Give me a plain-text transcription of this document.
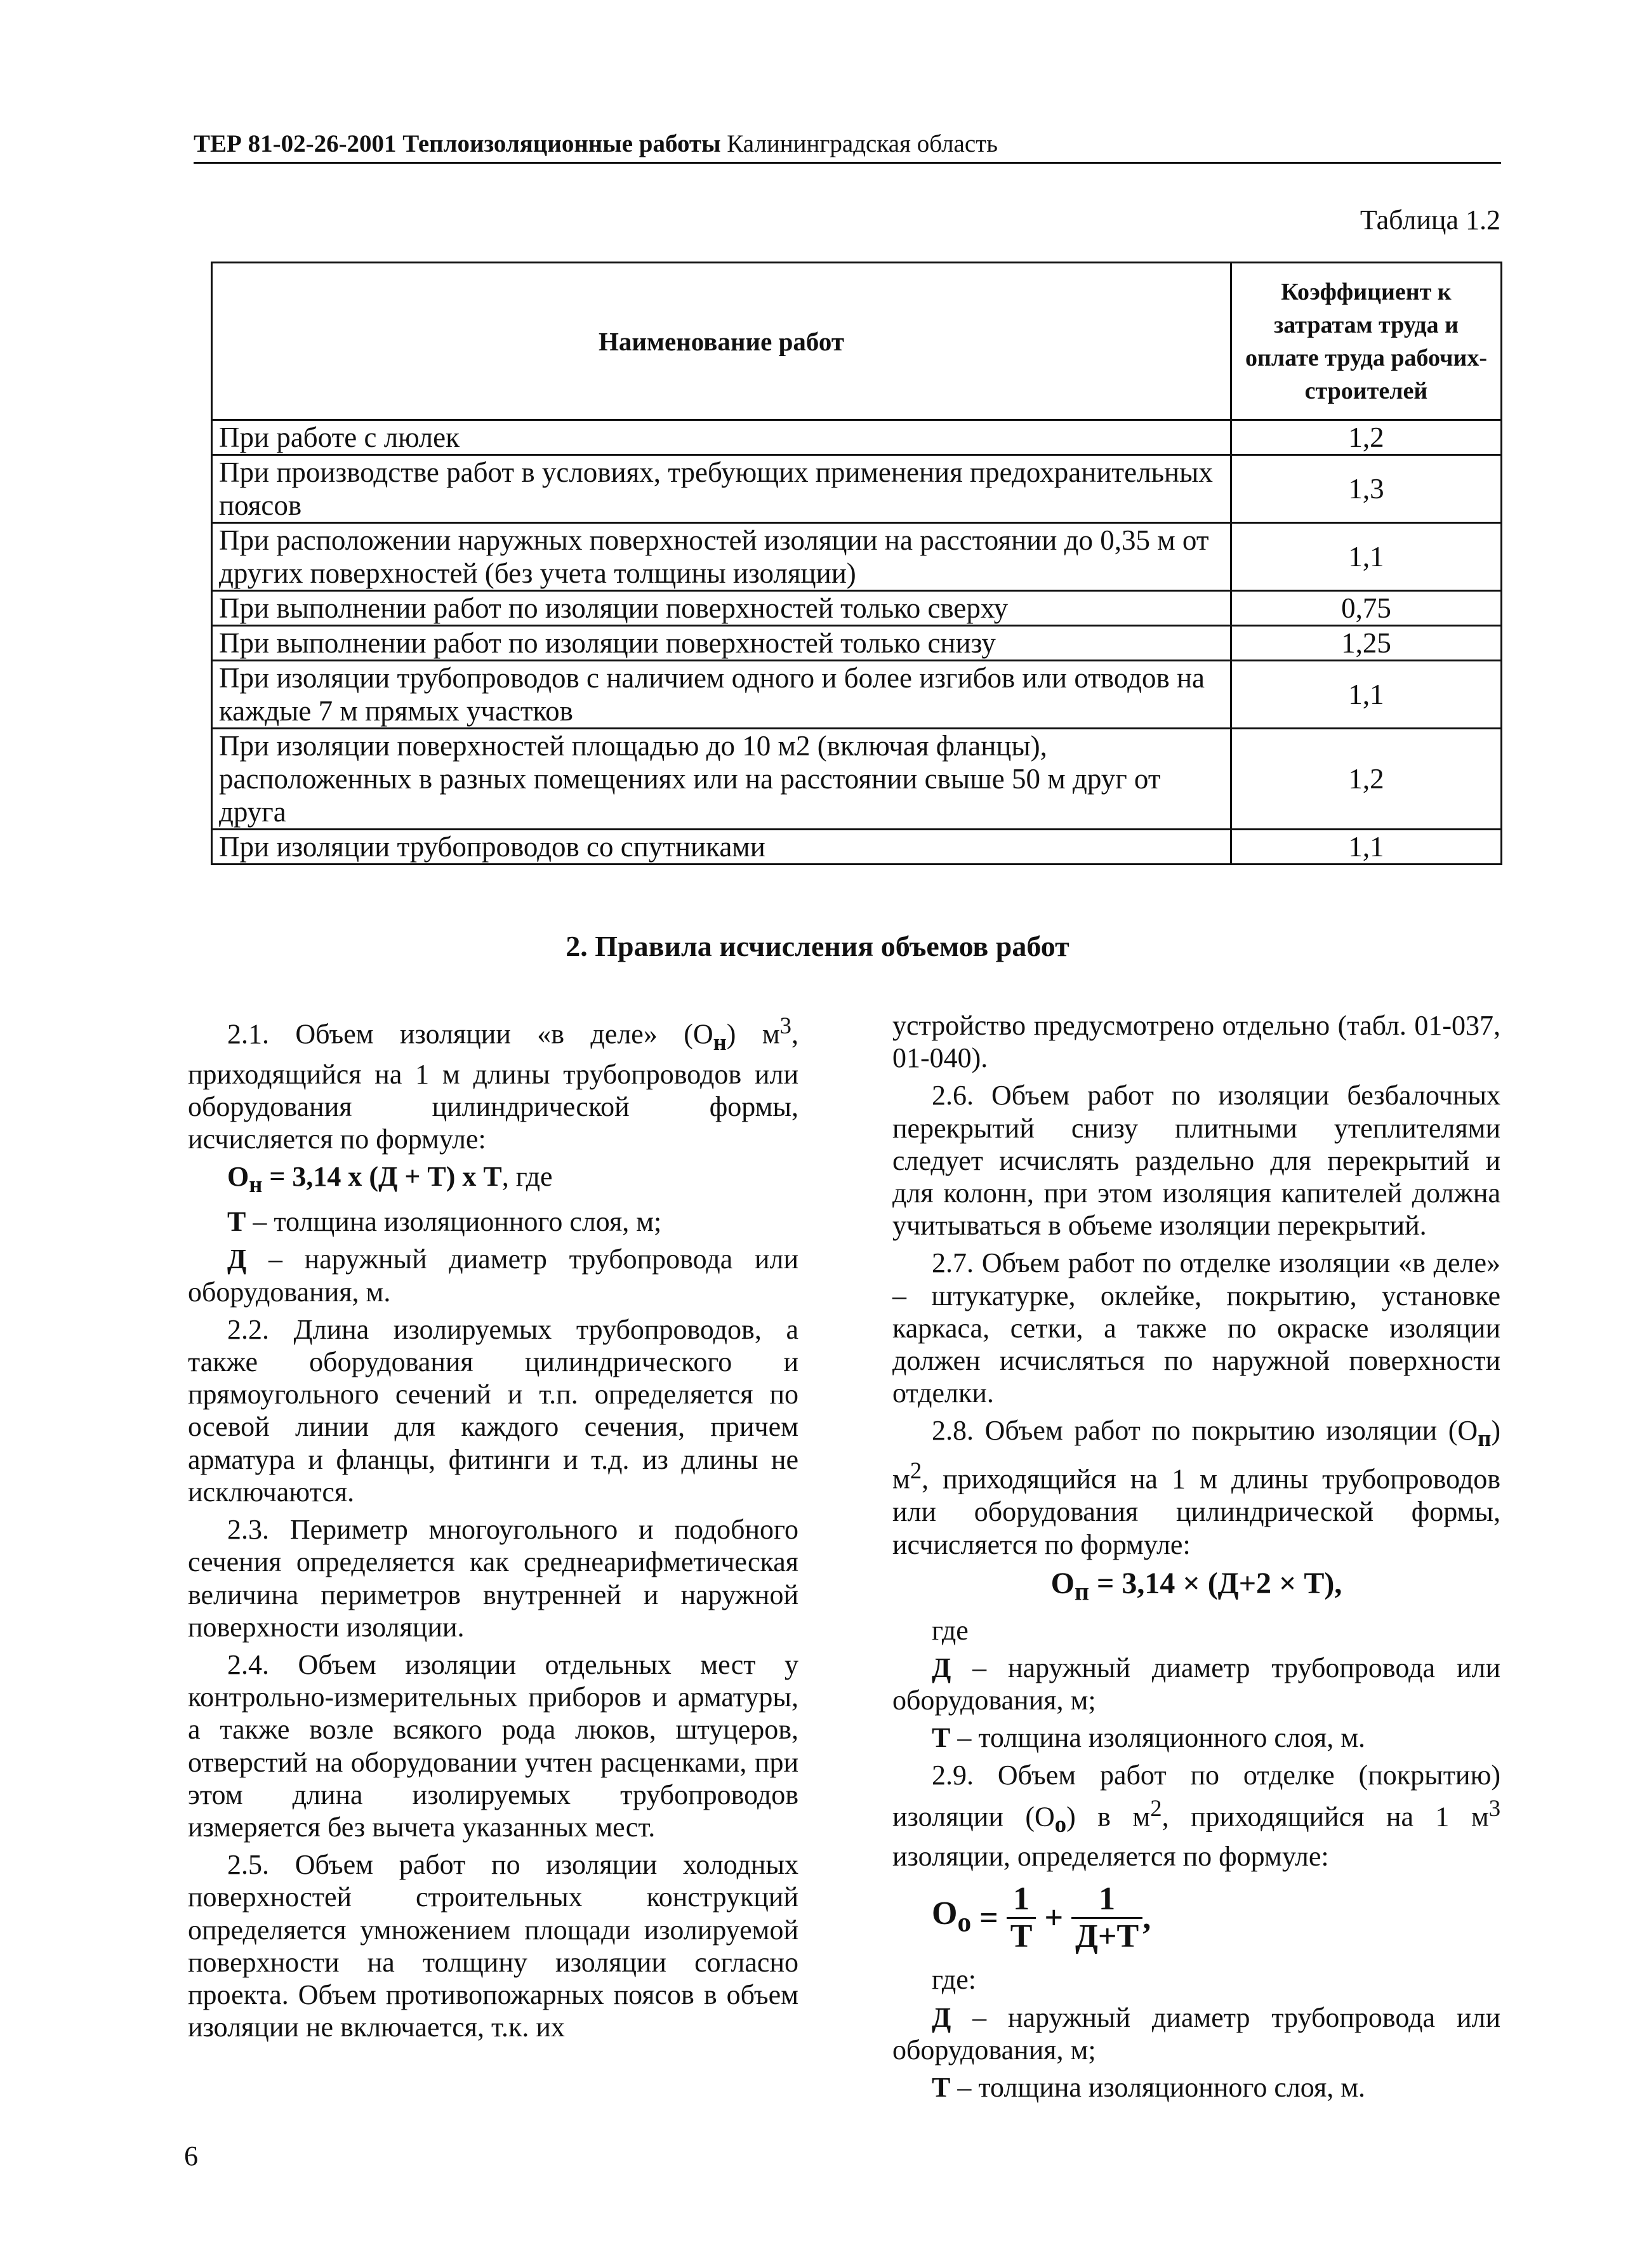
ТЕР 81-02-26-2001 Теплоизоляционные работы Калининградская область
Таблица 1.2
Наименование работ	Коэффициент к затратам труда и оплате труда рабочих-строителей
При работе с люлек	1,2
При производстве работ в условиях, требующих применения предохранительных поясов	1,3
При расположении наружных поверхностей изоляции на расстоянии до 0,35 м от других поверхностей (без учета толщины изоляции)	1,1
При выполнении работ по изоляции поверхностей только сверху	0,75
При выполнении работ по изоляции поверхностей только снизу	1,25
При изоляции трубопроводов с наличием одного и более изгибов или отводов на каждые 7 м прямых участков	1,1
При изоляции поверхностей площадью до 10 м2 (включая фланцы), расположенных в разных помещениях или на расстоянии свыше 50 м друг от друга	1,2
При изоляции трубопроводов со спутниками	1,1
2. Правила исчисления объемов работ

2.1. Объем изоляции «в деле» $(О_н)$ $м^3$, приходящийся на 1 м длины трубопроводов или оборудования цилиндрической формы, исчисляется по формуле:

$О_н = 3,14$ х (Д + Т) х Т, где

Т – толщина изоляционного слоя, м;

Д – наружный диаметр трубопровода или оборудования, м.

2.2. Длина изолируемых трубопроводов, а также оборудования цилиндрического и прямоугольного сечений и т.п. определяется по осевой линии для каждого сечения, причем арматура и фланцы, фитинги и т.д. из длины не исключаются.

2.3. Периметр многоугольного и подобного сечения определяется как среднеарифметическая величина периметров внутренней и наружной поверхности изоляции.

2.4. Объем изоляции отдельных мест у контрольно-измерительных приборов и арматуры, а также возле всякого рода люков, штуцеров, отверстий на оборудовании учтен расценками, при этом длина изолируемых трубопроводов измеряется без вычета указанных мест.

2.5. Объем работ по изоляции холодных поверхностей строительных конструкций определяется умножением площади изолируемой поверхности на толщину изоляции согласно проекта. Объем противопожарных поясов в объем изоляции не включается, т.к. их

устройство предусмотрено отдельно (табл. 01-037, 01-040).

2.6. Объем работ по изоляции безбалочных перекрытий снизу плитными утеплителями следует исчислять раздельно для перекрытий и для колонн, при этом изоляция капителей должна учитываться в объеме изоляции перекрытий.

2.7. Объем работ по отделке изоляции «в деле» – штукатурке, оклейке, покрытию, установке каркаса, сетки, а также по окраске изоляции должен исчисляться по наружной поверхности отделки.

2.8. Объем работ по покрытию изоляции $(О_п)$ $м^2$, приходящийся на 1 м длины трубопроводов или оборудования цилиндрической формы, исчисляется по формуле:

$О_п = 3,14 \times (Д+2 \times Т)$,

где

Д – наружный диаметр трубопровода или оборудования, м;

Т – толщина изоляционного слоя, м.

2.9. Объем работ по отделке (покрытию) изоляции $(О_о)$ в $м^2$, приходящийся на 1 $м^3$ изоляции, определяется по формуле:

$О_о = \frac{1}{Т} + \frac{1}{Д+Т}$ ,

где:

Д – наружный диаметр трубопровода или оборудования, м;

Т – толщина изоляционного слоя, м.

6
